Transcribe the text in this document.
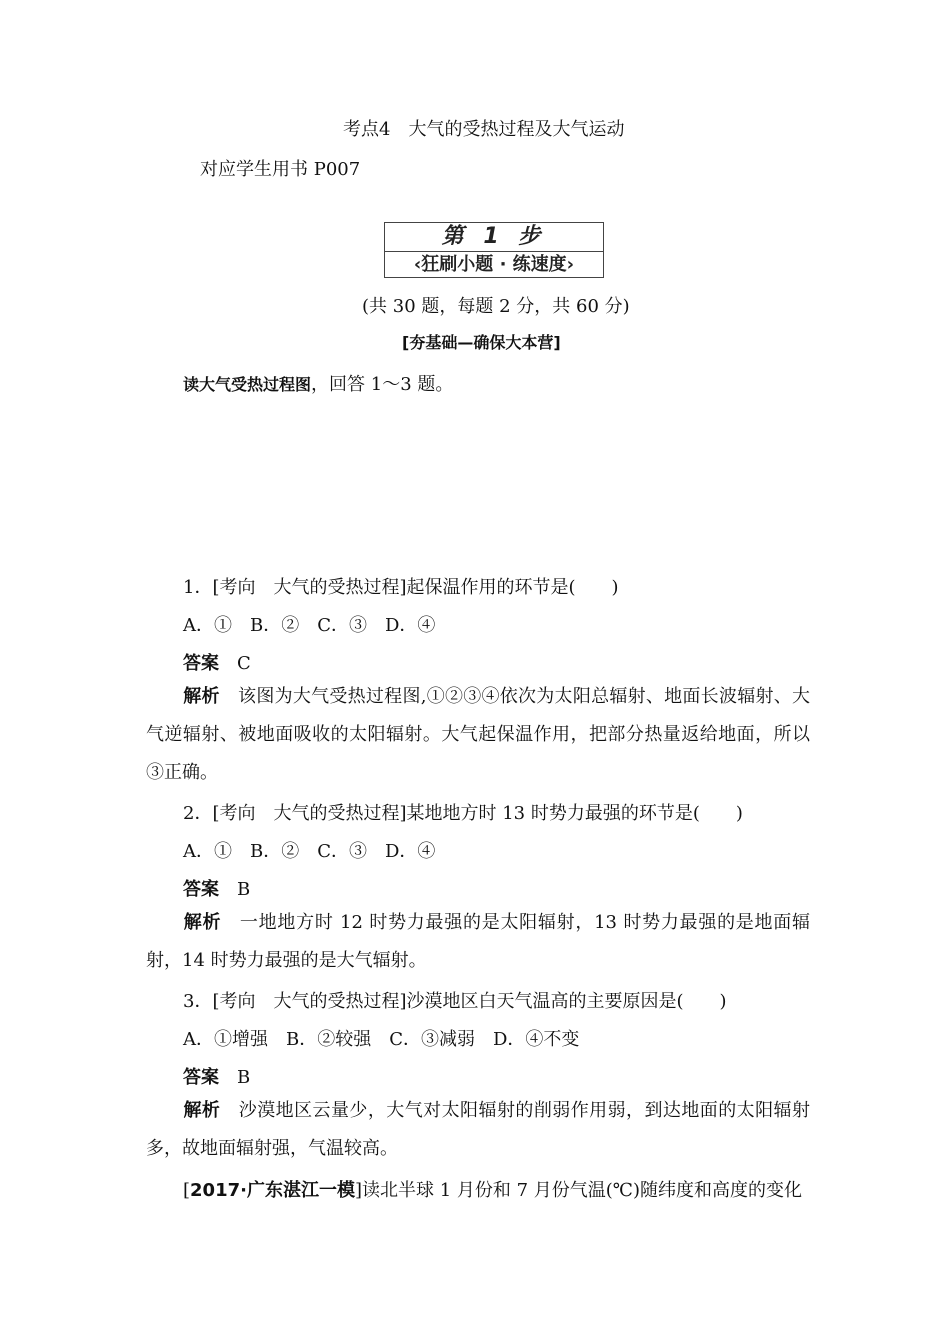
考点4　大气的受热过程及大气运动
对应学生用书 P007
第 1 步
‹狂刷小题 · 练速度›
(共 30 题，每题 2 分，共 60 分)
[夯基础—确保大本营]
读大气受热过程图，回答 1～3 题。
1．[考向　大气的受热过程]起保温作用的环节是(　　)
A．①　B．②　C．③　D．④
答案 C
解析 该图为大气受热过程图,①②③④依次为太阳总辐射、地面长波辐射、大气逆辐射、被地面吸收的太阳辐射。大气起保温作用，把部分热量返给地面，所以③正确。
2．[考向　大气的受热过程]某地地方时 13 时势力最强的环节是(　　)
A．①　B．②　C．③　D．④
答案 B
解析 一地地方时 12 时势力最强的是太阳辐射，13 时势力最强的是地面辐射，14 时势力最强的是大气辐射。
3．[考向　大气的受热过程]沙漠地区白天气温高的主要原因是(　　)
A．①增强　B．②较强　C．③减弱　D．④不变
答案 B
解析 沙漠地区云量少，大气对太阳辐射的削弱作用弱，到达地面的太阳辐射多，故地面辐射强，气温较高。
[2017·广东湛江一模]读北半球 1 月份和 7 月份气温(℃)随纬度和高度的变化
